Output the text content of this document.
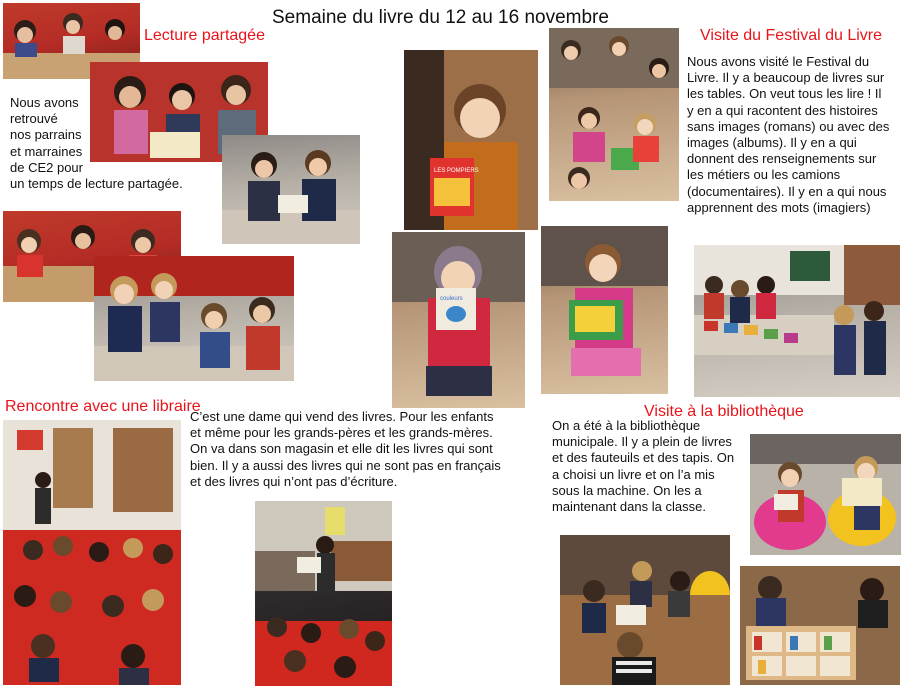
Semaine du livre du 12 au 16 novembre
Lecture partagée
Nous avons
retrouvé
nos parrains
et marraines
de CE2 pour
un temps de lecture partagée.
LES POMPIERS
couleurs
Visite du Festival du Livre
Nous avons visité le Festival du
Livre. Il y a beaucoup de livres sur
les tables. On veut tous les lire ! Il
y en a qui racontent des histoires
sans images (romans) ou avec des
images (albums). Il y en a qui
donnent des renseignements sur
les métiers ou les camions
(documentaires). Il y en a qui nous
apprennent des mots (imagiers)
Rencontre avec une libraire
C’est une dame qui vend des livres. Pour les enfants
et même pour les grands-pères et les grands-mères.
On va dans son magasin et elle dit les livres qui sont
bien. Il y a aussi des livres qui ne sont pas en français
et des livres qui n’ont pas d’écriture.
Visite à la bibliothèque
On a été à la bibliothèque
municipale. Il y a plein de livres
et des fauteuils et des tapis. On
a choisi un livre et on l’a mis
sous la machine. On les a
maintenant dans la classe.
